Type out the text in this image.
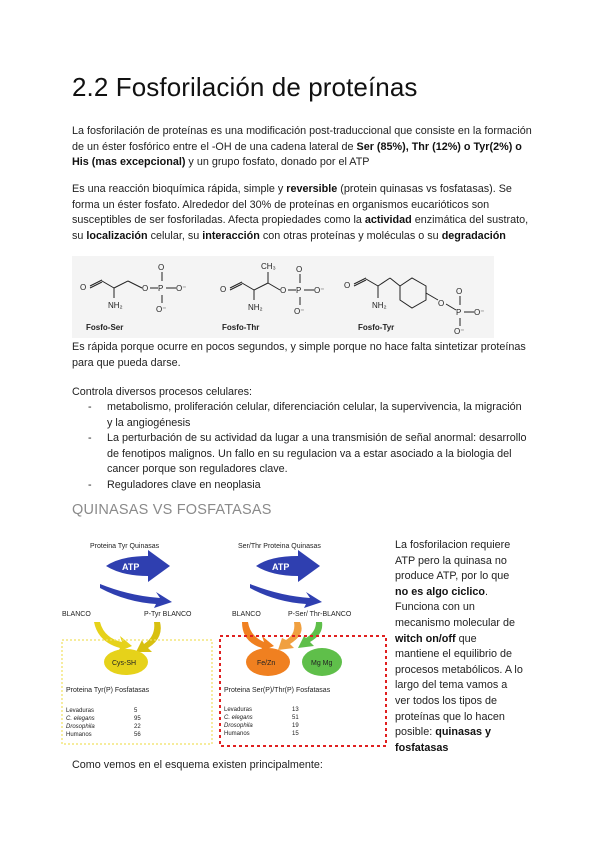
2.2 Fosforilación de proteínas

La fosforilación de proteínas es una modificación post-traduccional que consiste en la formación de un éster fosfórico entre el -OH de una cadena lateral de Ser (85%), Thr (12%) o Tyr(2%) o His (mas excepcional) y un grupo fosfato, donado por el ATP

Es una reacción bioquímica rápida, simple y reversible (protein quinasas vs fosfatasas). Se forma un éster fosfato. Alrededor del 30% de proteínas en organismos eucarióticos son susceptibles de ser fosforiladas. Afecta propiedades como la actividad enzimática del sustrato, su localización celular, su interacción con otras proteínas y moléculas o su degradación

O	O P
O
O⁻
O⁻
NH₂
O
CH₃
O P
O
O⁻
O⁻
NH₂
O
NH₂	O
P
O
O⁻
O⁻
Fosfo-Ser	Fosfo-Thr	Fosfo-Tyr

Es rápida porque ocurre en pocos segundos, y simple porque no hace falta sintetizar proteínas para que pueda darse.

Controla diversos procesos celulares:

- metabolismo, proliferación celular, diferenciación celular, la supervivencia, la migración y la angiogénesis
- La perturbación de su actividad da lugar a una transmisión de señal anormal: desarrollo de fenotipos malignos. Un fallo en su regulacion va a estar asociado a la biologia del cancer porque son reguladores clave.
- Reguladores clave en neoplasia
QUINASAS VS FOSFATASAS
Proteina Tyr Quinasas	Ser/Thr Proteina Quinasas
ATP
BLANCO	P-Tyr BLANCO
Cys-SH
Proteina Tyr(P) Fosfatasas
Levaduras	5
C. elegans	95
Drosophila	22
Humanos	56
ATP
BLANCO	P-Ser/ Thr-BLANCO
Fe/Zn	Mg Mg
Proteina Ser(P)/Thr(P) Fosfatasas
Levaduras	13
C. elegans	51
Drosophila	19
Humanos	15

La fosforilacion requiere ATP pero la quinasa no produce ATP, por lo que no es algo ciclico. Funciona con un mecanismo molecular de witch on/off que mantiene el equilibrio de procesos metabólicos. A lo largo del tema vamos a ver todos los tipos de proteínas que lo hacen posible: quinasas y fosfatasas

Como vemos en el esquema existen principalmente:
